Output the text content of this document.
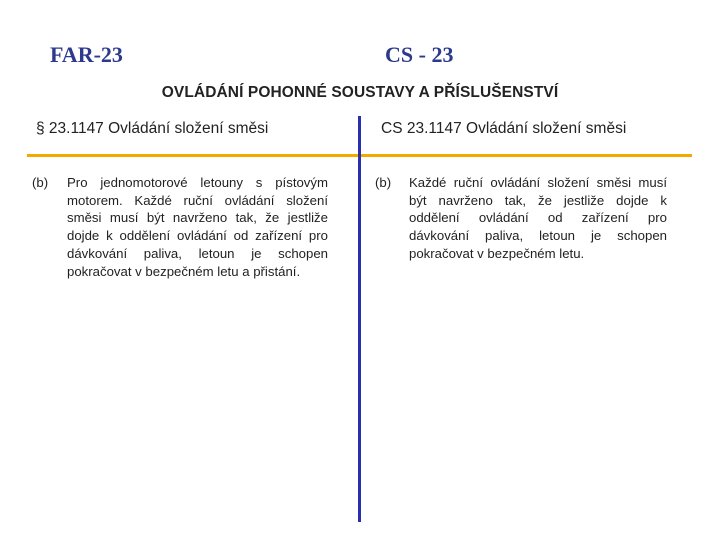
FAR-23	CS - 23
OVLÁDÁNÍ POHONNÉ SOUSTAVY A PŘÍSLUŠENSTVÍ
§ 23.1147 Ovládání složení směsi	CS 23.1147 Ovládání složení směsi
(b) Pro jednomotorové letouny s pístovým motorem. Každé ruční ovládání složení směsi musí být navrženo tak, že jestliže dojde k oddělení ovládání od zařízení pro dávkování paliva, letoun je schopen pokračovat v bezpečném letu a přistání.
(b) Každé ruční ovládání složení směsi musí být navrženo tak, že jestliže dojde k oddělení ovládání od zařízení pro dávkování paliva, letoun je schopen pokračovat v bezpečném letu.
